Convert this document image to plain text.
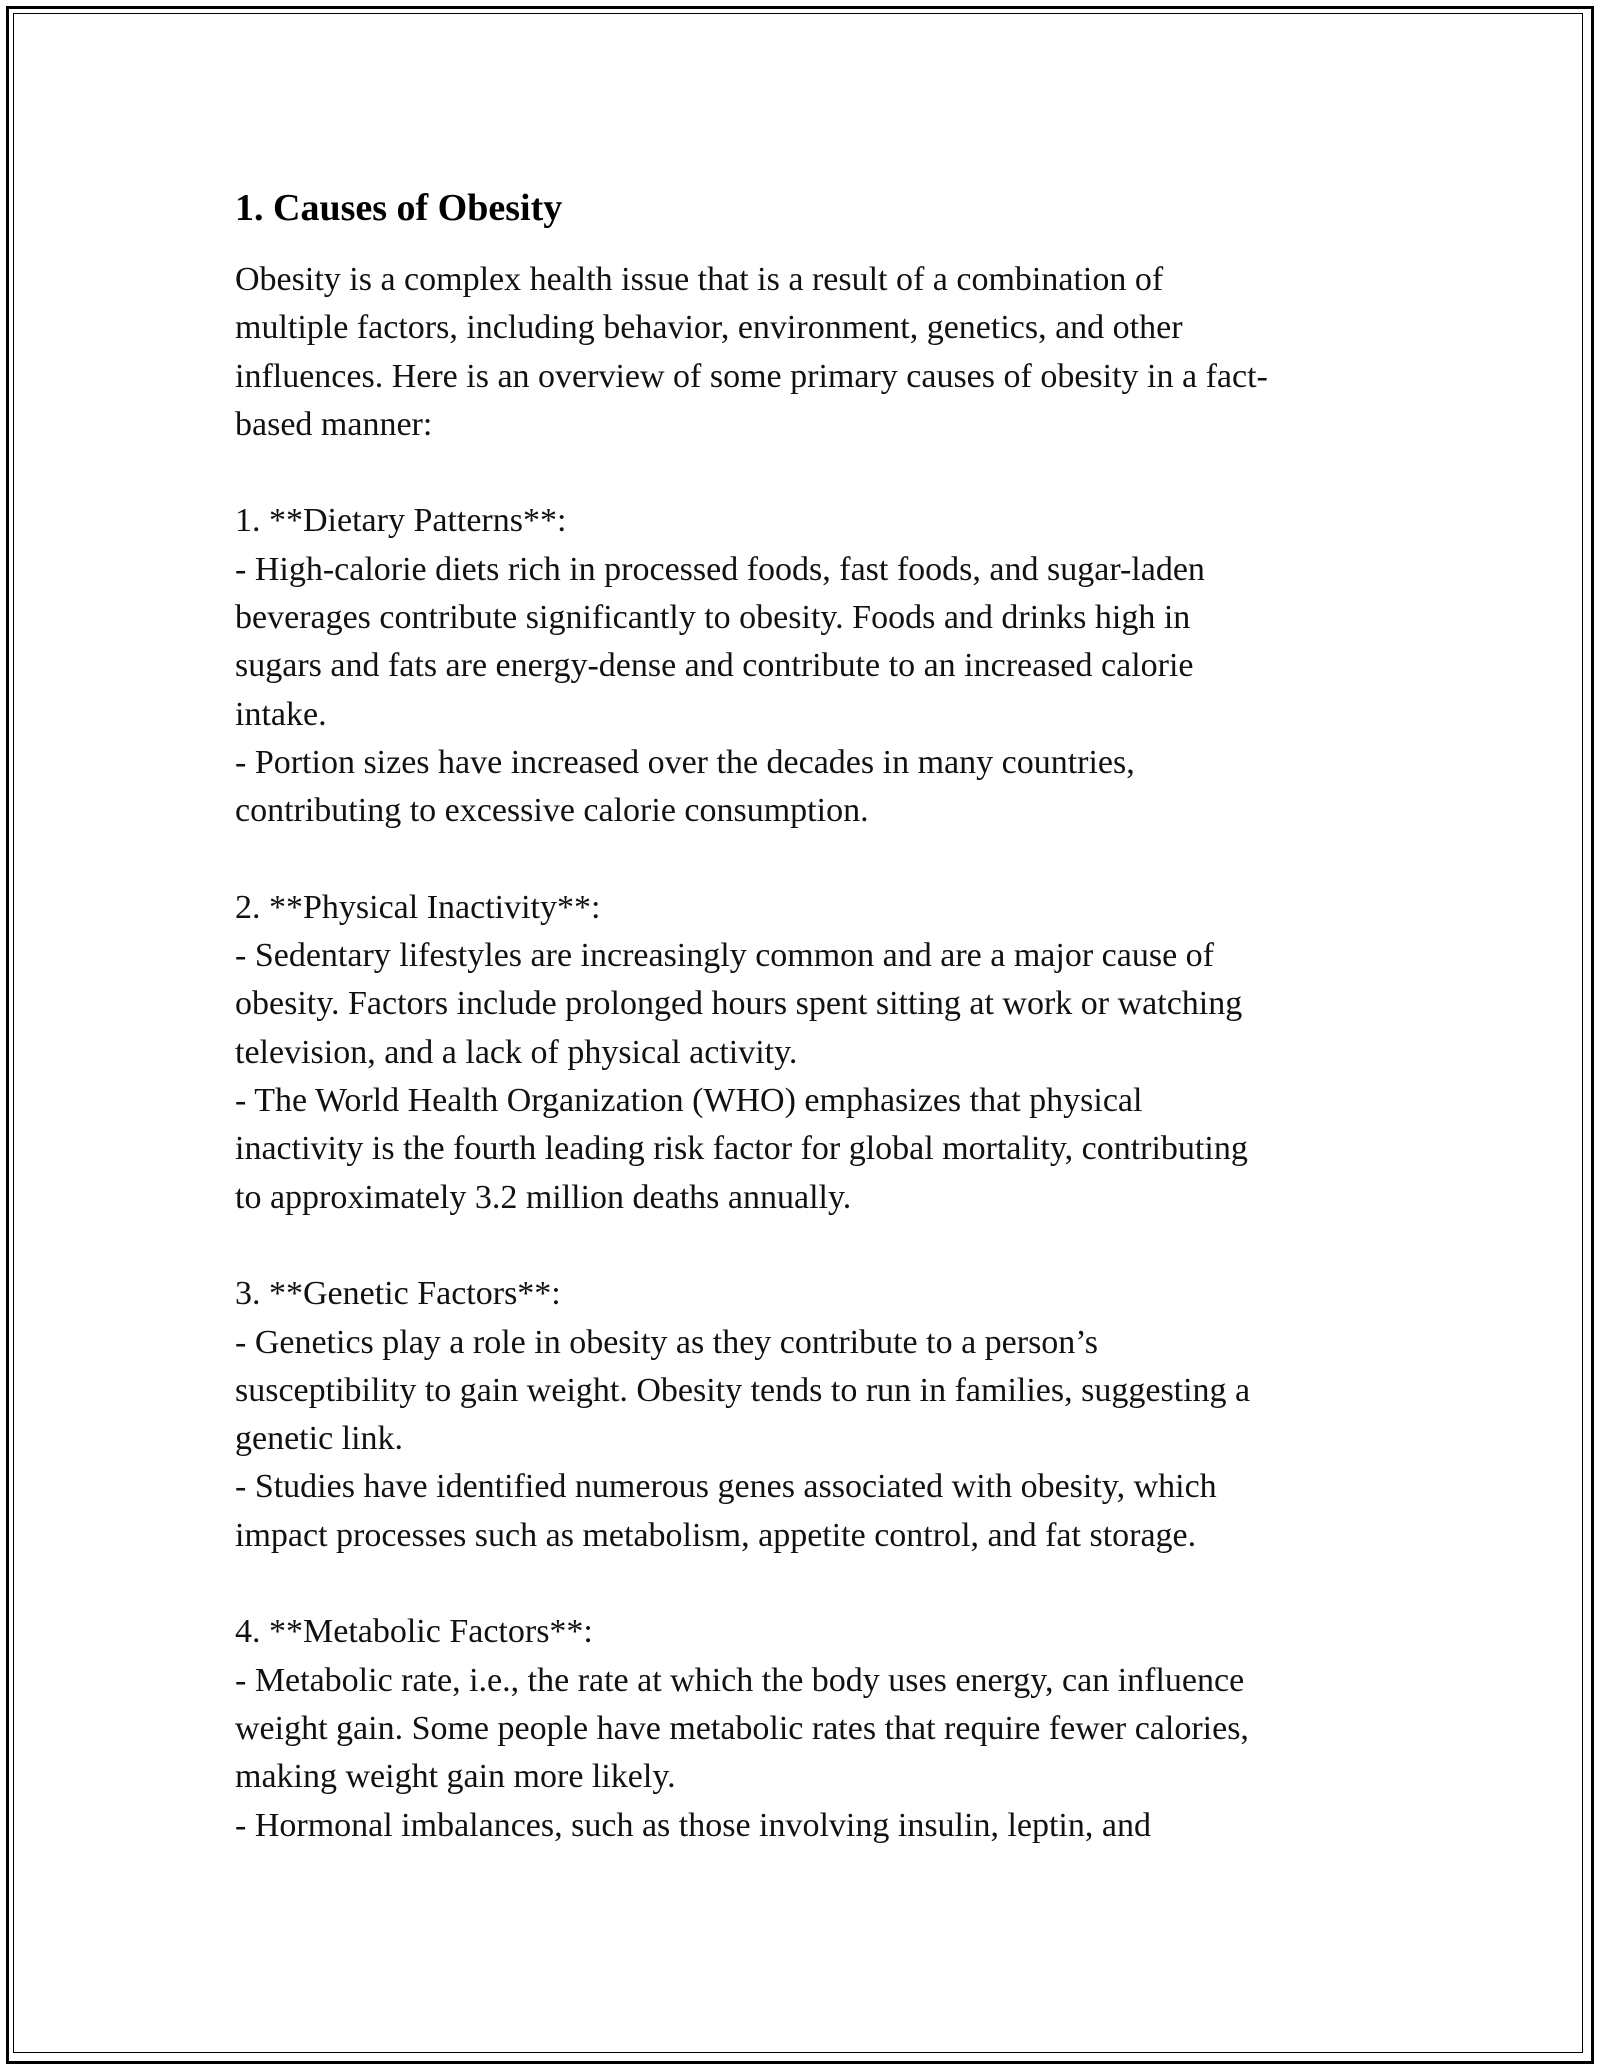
1. Causes of Obesity

Obesity is a complex health issue that is a result of a combination of
multiple factors, including behavior, environment, genetics, and other
influences. Here is an overview of some primary causes of obesity in a fact-
based manner:

1. **Dietary Patterns**:
- High-calorie diets rich in processed foods, fast foods, and sugar-laden
beverages contribute significantly to obesity. Foods and drinks high in
sugars and fats are energy-dense and contribute to an increased calorie
intake.
- Portion sizes have increased over the decades in many countries,
contributing to excessive calorie consumption.

2. **Physical Inactivity**:
- Sedentary lifestyles are increasingly common and are a major cause of
obesity. Factors include prolonged hours spent sitting at work or watching
television, and a lack of physical activity.
- The World Health Organization (WHO) emphasizes that physical
inactivity is the fourth leading risk factor for global mortality, contributing
to approximately 3.2 million deaths annually.

3. **Genetic Factors**:
- Genetics play a role in obesity as they contribute to a person’s
susceptibility to gain weight. Obesity tends to run in families, suggesting a
genetic link.
- Studies have identified numerous genes associated with obesity, which
impact processes such as metabolism, appetite control, and fat storage.

4. **Metabolic Factors**:
- Metabolic rate, i.e., the rate at which the body uses energy, can influence
weight gain. Some people have metabolic rates that require fewer calories,
making weight gain more likely.
- Hormonal imbalances, such as those involving insulin, leptin, and
